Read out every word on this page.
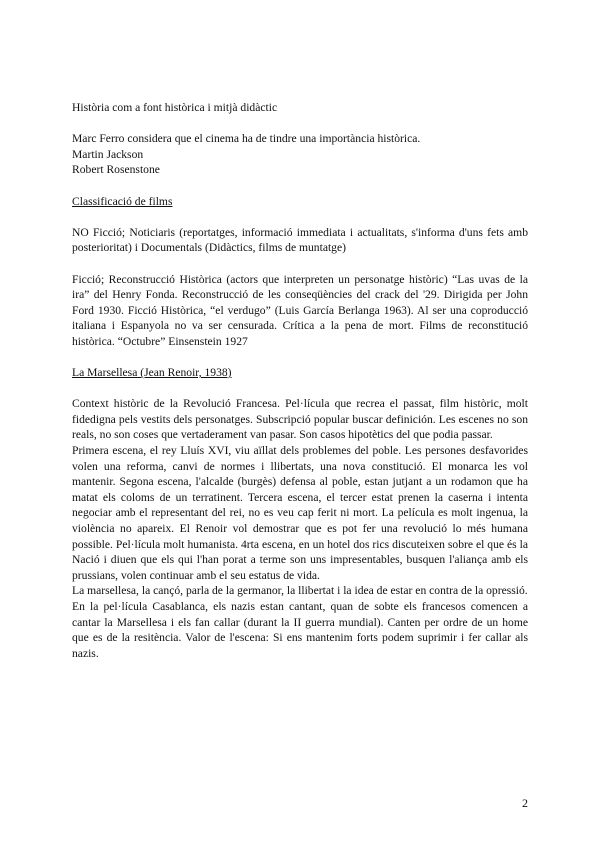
Història com a font històrica i mitjà didàctic

Marc Ferro considera que el cinema ha de tindre una importància històrica.

Martin Jackson

Robert Rosenstone

Classificació de films

NO Ficció; Noticiaris (reportatges, informació immediata i actualitats, s'informa d'uns fets amb posterioritat) i Documentals (Didàctics, films de muntatge)

Ficció; Reconstrucció Històrica (actors que interpreten un personatge històric) “Las uvas de la ira” del Henry Fonda. Reconstrucció de les conseqüències del crack del '29. Dirigida per John Ford 1930. Ficció Històrica, “el verdugo” (Luis García Berlanga 1963). Al ser una coproducció italiana i Espanyola no va ser censurada. Crítica a la pena de mort. Films de reconstitució històrica. “Octubre” Einsenstein 1927

La Marsellesa (Jean Renoir, 1938)

Context històric de la Revolució Francesa. Pel·lícula que recrea el passat, film històric, molt fidedigna pels vestits dels personatges. Subscripció popular buscar definición. Les escenes no son reals, no son coses que vertaderament van pasar. Son casos hipotètics del que podia passar.

Primera escena, el rey Lluís XVI, viu aïllat dels problemes del poble. Les persones desfavorides volen una reforma, canvi de normes i llibertats, una nova constitució. El monarca les vol mantenir. Segona escena, l'alcalde (burgès) defensa al poble, estan jutjant a un rodamon que ha matat els coloms de un terratinent. Tercera escena, el tercer estat prenen la caserna i intenta negociar amb el representant del rei, no es veu cap ferit ni mort. La película es molt ingenua, la violència no apareix. El Renoir vol demostrar que es pot fer una revolució lo més humana possible. Pel·lícula molt humanista. 4rta escena, en un hotel dos rics discuteixen sobre el que és la Nació i diuen que els qui l'han porat a terme son uns impresentables, busquen l'aliança amb els prussians, volen continuar amb el seu estatus de vida.

La marsellesa, la cançó, parla de la germanor, la llibertat i la idea de estar en contra de la opressió.

En la pel·lícula Casablanca, els nazis estan cantant, quan de sobte els francesos comencen a cantar la Marsellesa i els fan callar (durant la II guerra mundial). Canten per ordre de un home que es de la resitència. Valor de l'escena: Si ens mantenim forts podem suprimir i fer callar als nazis.

2
